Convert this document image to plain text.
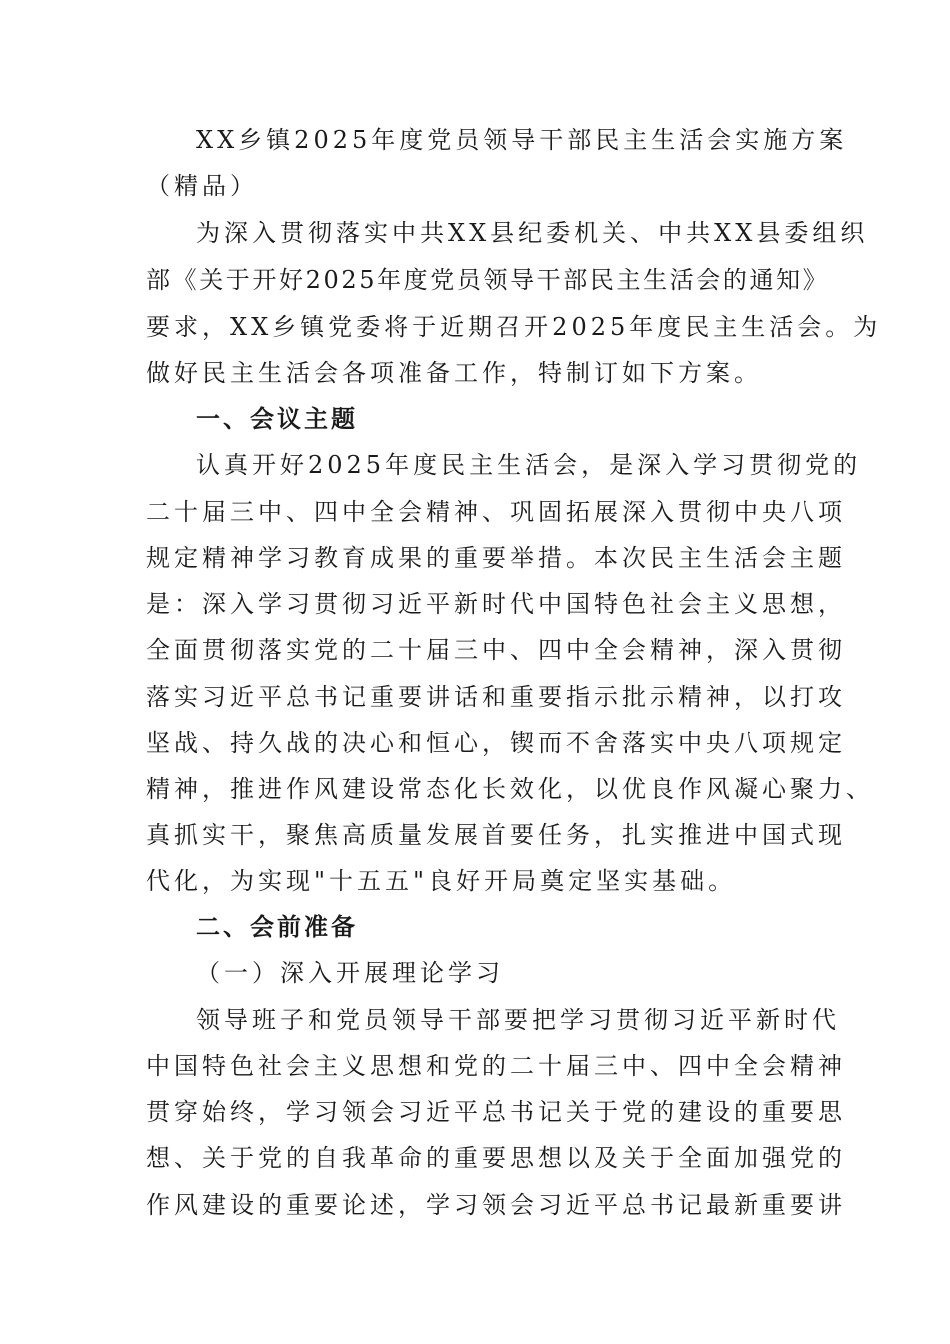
XX乡镇2025年度党员领导干部民主生活会实施方案
（精品）
为深入贯彻落实中共XX县纪委机关、中共XX县委组织
部《关于开好2025年度党员领导干部民主生活会的通知》
要求，XX乡镇党委将于近期召开2025年度民主生活会。为
做好民主生活会各项准备工作，特制订如下方案。
一、会议主题
认真开好2025年度民主生活会，是深入学习贯彻党的
二十届三中、四中全会精神、巩固拓展深入贯彻中央八项
规定精神学习教育成果的重要举措。本次民主生活会主题
是：深入学习贯彻习近平新时代中国特色社会主义思想，
全面贯彻落实党的二十届三中、四中全会精神，深入贯彻
落实习近平总书记重要讲话和重要指示批示精神，以打攻
坚战、持久战的决心和恒心，锲而不舍落实中央八项规定
精神，推进作风建设常态化长效化，以优良作风凝心聚力、
真抓实干，聚焦高质量发展首要任务，扎实推进中国式现
代化，为实现"十五五"良好开局奠定坚实基础。
二、会前准备
（一）深入开展理论学习
领导班子和党员领导干部要把学习贯彻习近平新时代
中国特色社会主义思想和党的二十届三中、四中全会精神
贯穿始终，学习领会习近平总书记关于党的建设的重要思
想、关于党的自我革命的重要思想以及关于全面加强党的
作风建设的重要论述，学习领会习近平总书记最新重要讲
